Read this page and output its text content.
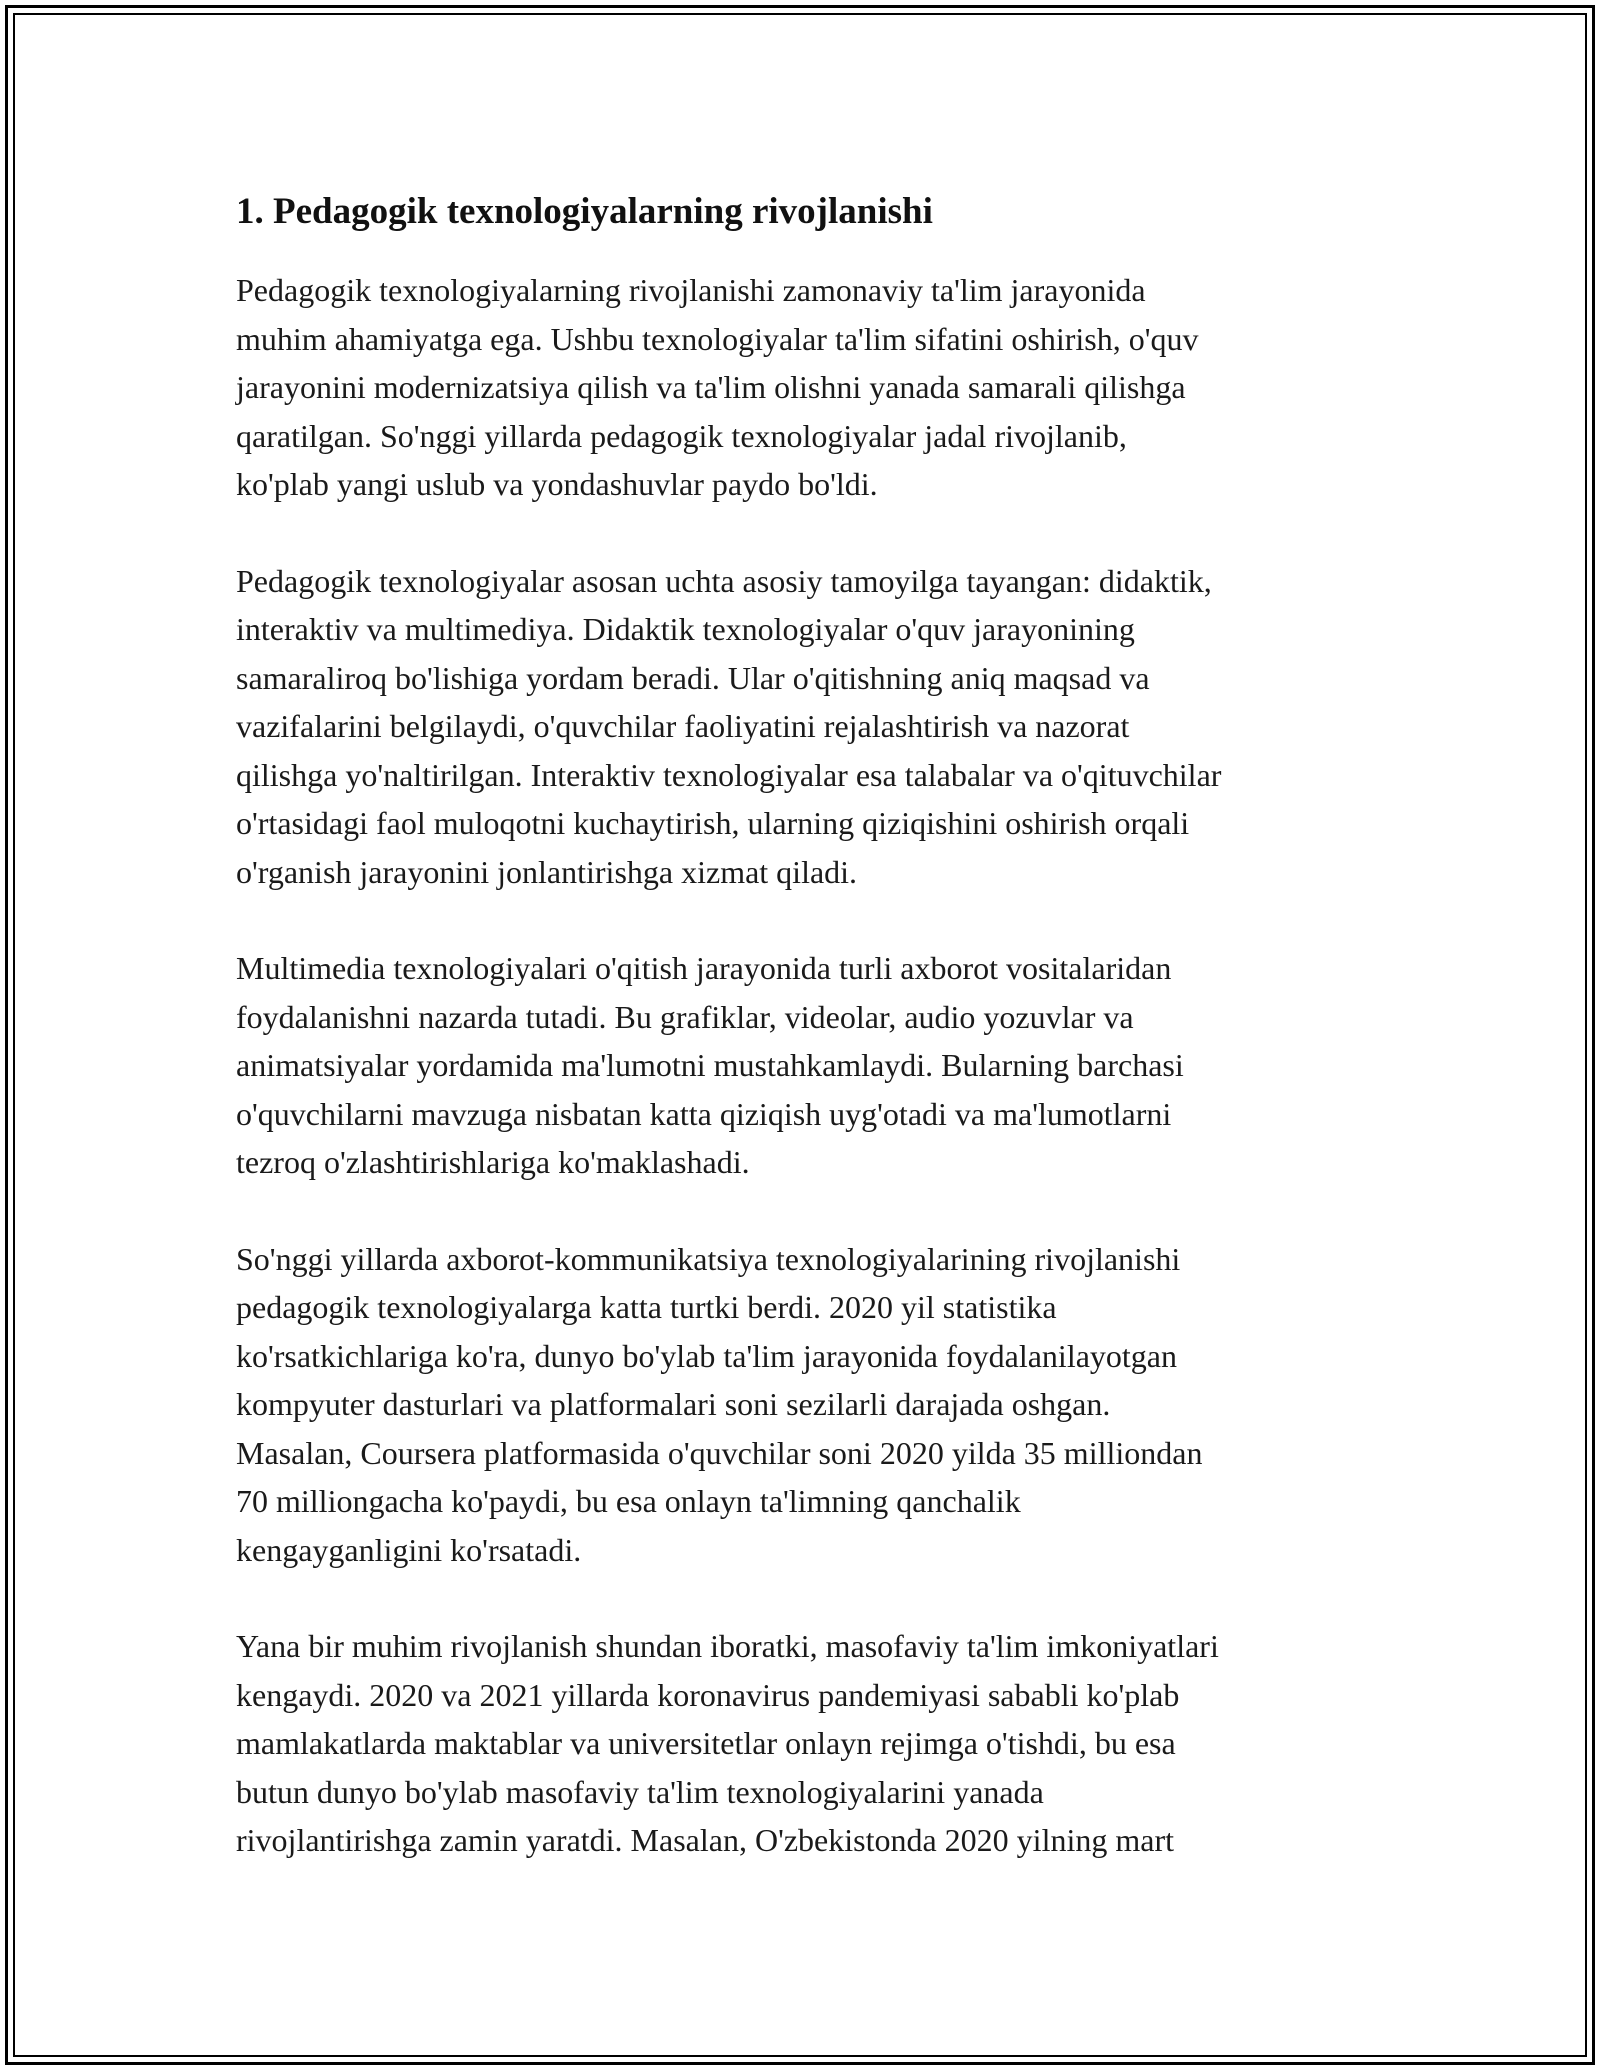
1. Pedagogik texnologiyalarning rivojlanishi

Pedagogik texnologiyalarning rivojlanishi zamonaviy ta'lim jarayonida
muhim ahamiyatga ega. Ushbu texnologiyalar ta'lim sifatini oshirish, o'quv
jarayonini modernizatsiya qilish va ta'lim olishni yanada samarali qilishga
qaratilgan. So'nggi yillarda pedagogik texnologiyalar jadal rivojlanib,
ko'plab yangi uslub va yondashuvlar paydo bo'ldi.

Pedagogik texnologiyalar asosan uchta asosiy tamoyilga tayangan: didaktik,
interaktiv va multimediya. Didaktik texnologiyalar o'quv jarayonining
samaraliroq bo'lishiga yordam beradi. Ular o'qitishning aniq maqsad va
vazifalarini belgilaydi, o'quvchilar faoliyatini rejalashtirish va nazorat
qilishga yo'naltirilgan. Interaktiv texnologiyalar esa talabalar va o'qituvchilar
o'rtasidagi faol muloqotni kuchaytirish, ularning qiziqishini oshirish orqali
o'rganish jarayonini jonlantirishga xizmat qiladi.

Multimedia texnologiyalari o'qitish jarayonida turli axborot vositalaridan
foydalanishni nazarda tutadi. Bu grafiklar, videolar, audio yozuvlar va
animatsiyalar yordamida ma'lumotni mustahkamlaydi. Bularning barchasi
o'quvchilarni mavzuga nisbatan katta qiziqish uyg'otadi va ma'lumotlarni
tezroq o'zlashtirishlariga ko'maklashadi.

So'nggi yillarda axborot-kommunikatsiya texnologiyalarining rivojlanishi
pedagogik texnologiyalarga katta turtki berdi. 2020 yil statistika
ko'rsatkichlariga ko'ra, dunyo bo'ylab ta'lim jarayonida foydalanilayotgan
kompyuter dasturlari va platformalari soni sezilarli darajada oshgan.
Masalan, Coursera platformasida o'quvchilar soni 2020 yilda 35 milliondan
70 milliongacha ko'paydi, bu esa onlayn ta'limning qanchalik
kengayganligini ko'rsatadi.

Yana bir muhim rivojlanish shundan iboratki, masofaviy ta'lim imkoniyatlari
kengaydi. 2020 va 2021 yillarda koronavirus pandemiyasi sababli ko'plab
mamlakatlarda maktablar va universitetlar onlayn rejimga o'tishdi, bu esa
butun dunyo bo'ylab masofaviy ta'lim texnologiyalarini yanada
rivojlantirishga zamin yaratdi. Masalan, O'zbekistonda 2020 yilning mart
